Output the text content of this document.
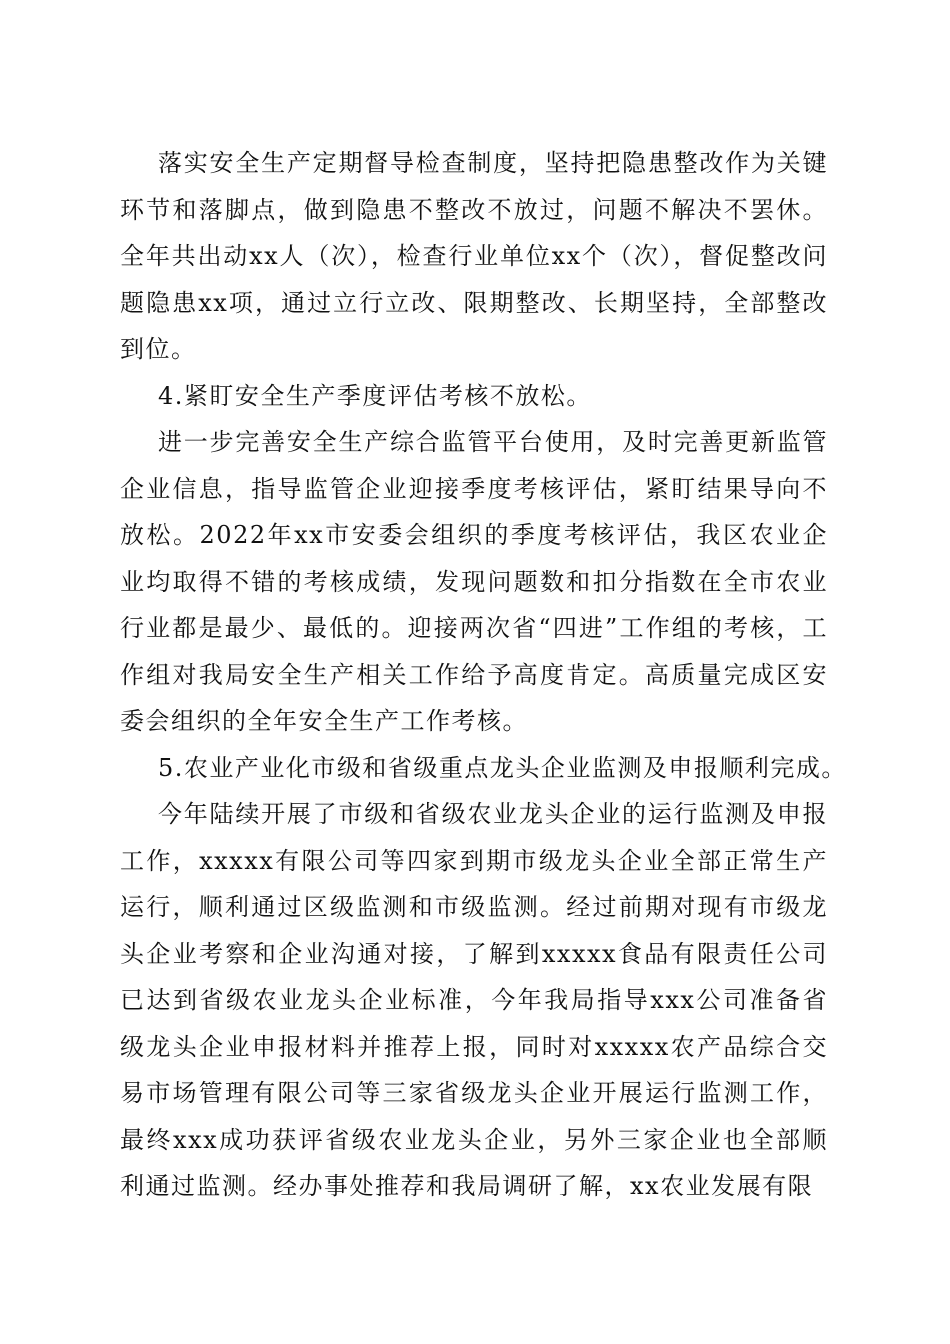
落实安全生产定期督导检查制度，坚持把隐患整改作为关键环节和落脚点，做到隐患不整改不放过，问题不解决不罢休。全年共出动xx人（次），检查行业单位xx个（次），督促整改问题隐患xx项，通过立行立改、限期整改、长期坚持，全部整改到位。

4.紧盯安全生产季度评估考核不放松。

进一步完善安全生产综合监管平台使用，及时完善更新监管企业信息，指导监管企业迎接季度考核评估，紧盯结果导向不放松。2022年xx市安委会组织的季度考核评估，我区农业企业均取得不错的考核成绩，发现问题数和扣分指数在全市农业行业都是最少、最低的。迎接两次省“四进”工作组的考核，工作组对我局安全生产相关工作给予高度肯定。高质量完成区安委会组织的全年安全生产工作考核。

5.农业产业化市级和省级重点龙头企业监测及申报顺利完成。

今年陆续开展了市级和省级农业龙头企业的运行监测及申报工作，xxxxx有限公司等四家到期市级龙头企业全部正常生产运行，顺利通过区级监测和市级监测。经过前期对现有市级龙头企业考察和企业沟通对接，了解到xxxxx食品有限责任公司已达到省级农业龙头企业标准，今年我局指导xxx公司准备省级龙头企业申报材料并推荐上报，同时对xxxxx农产品综合交易市场管理有限公司等三家省级龙头企业开展运行监测工作，最终xxx成功获评省级农业龙头企业，另外三家企业也全部顺利通过监测。经办事处推荐和我局调研了解，xx农业发展有限
